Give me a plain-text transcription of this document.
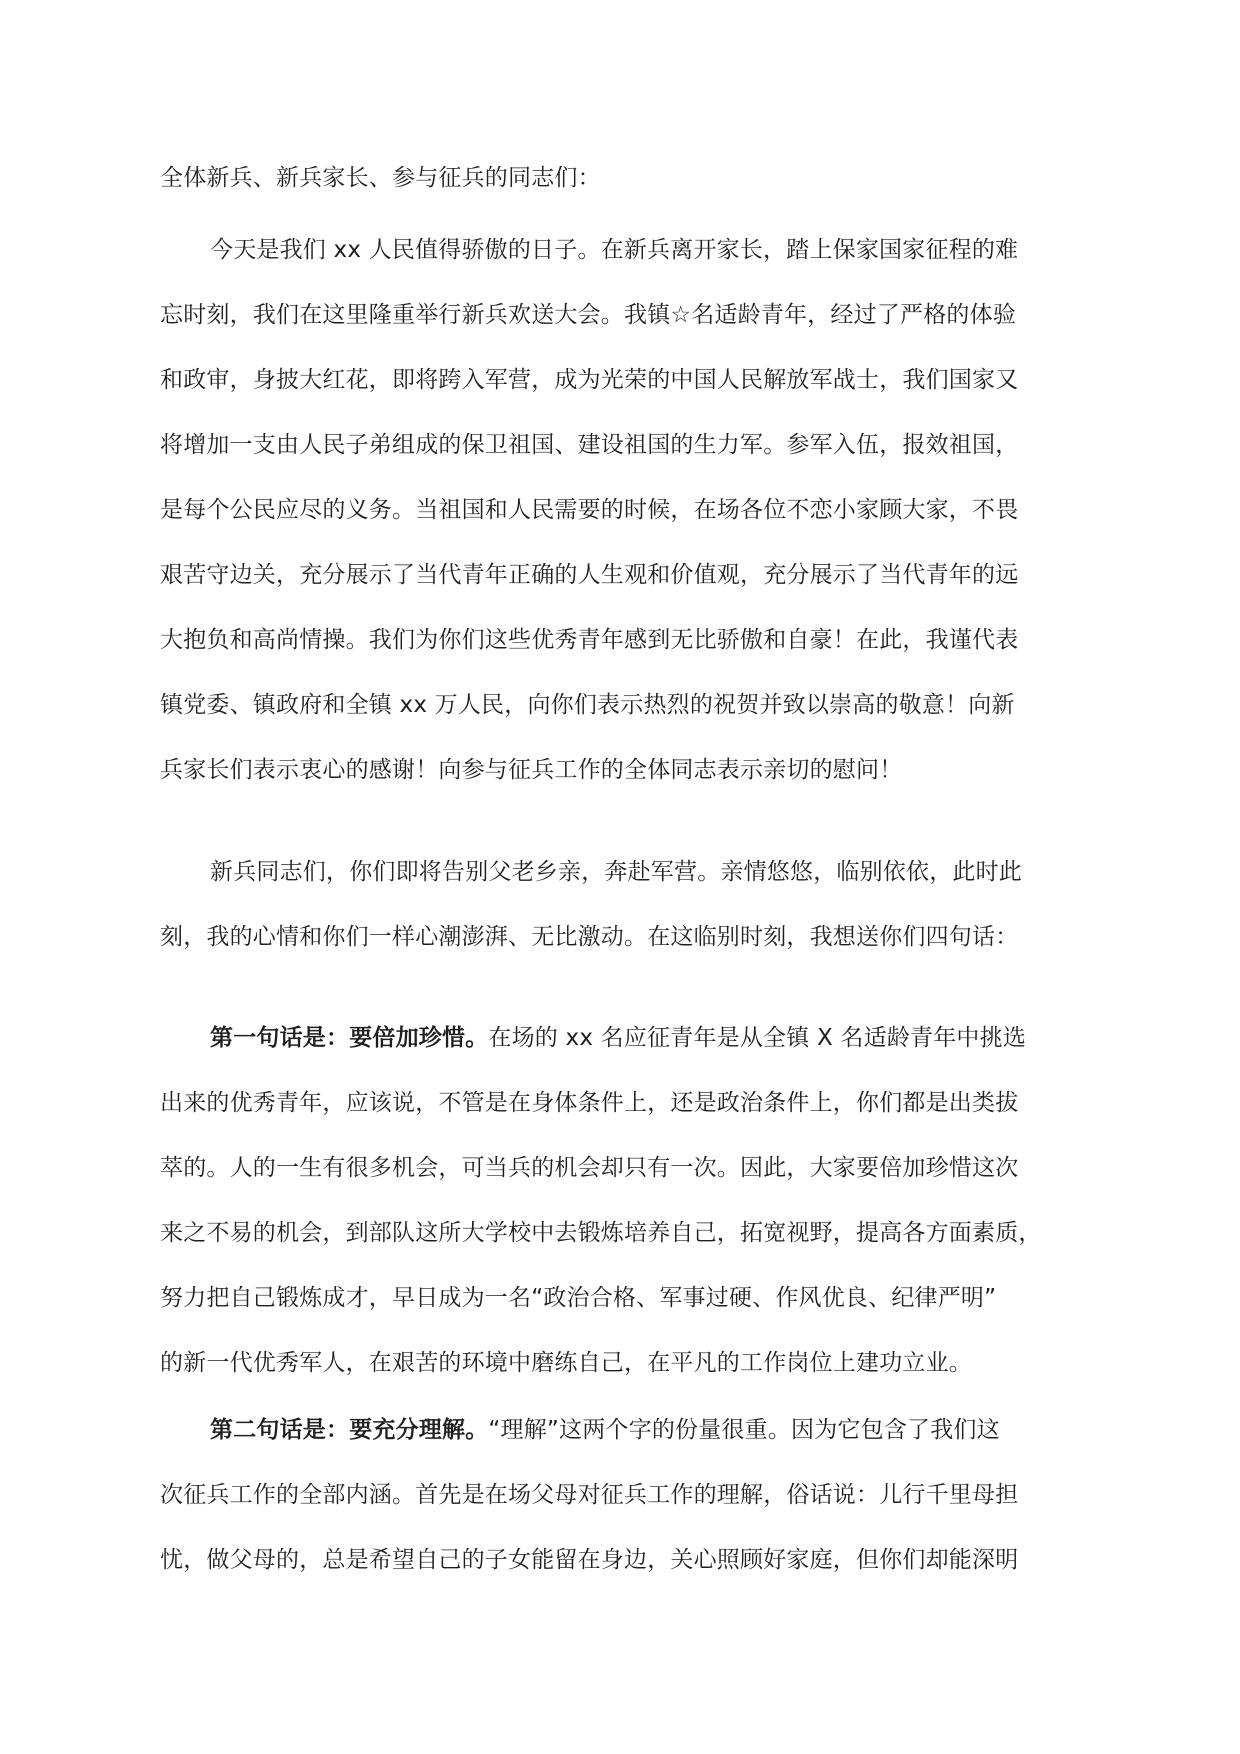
全体新兵、新兵家长、参与征兵的同志们：
今天是我们 xx 人民值得骄傲的日子。在新兵离开家长，踏上保家国家征程的难
忘时刻，我们在这里隆重举行新兵欢送大会。我镇☆名适龄青年，经过了严格的体验
和政审，身披大红花，即将跨入军营，成为光荣的中国人民解放军战士，我们国家又
将增加一支由人民子弟组成的保卫祖国、建设祖国的生力军。参军入伍，报效祖国，
是每个公民应尽的义务。当祖国和人民需要的时候，在场各位不恋小家顾大家，不畏
艰苦守边关，充分展示了当代青年正确的人生观和价值观，充分展示了当代青年的远
大抱负和高尚情操。我们为你们这些优秀青年感到无比骄傲和自豪！在此，我谨代表
镇党委、镇政府和全镇 xx 万人民，向你们表示热烈的祝贺并致以崇高的敬意！向新
兵家长们表示衷心的感谢！向参与征兵工作的全体同志表示亲切的慰问！
新兵同志们，你们即将告别父老乡亲，奔赴军营。亲情悠悠，临别依依，此时此
刻，我的心情和你们一样心潮澎湃、无比激动。在这临别时刻，我想送你们四句话：
第一句话是：要倍加珍惜。在场的 xx 名应征青年是从全镇 X 名适龄青年中挑选
出来的优秀青年，应该说，不管是在身体条件上，还是政治条件上，你们都是出类拔
萃的。人的一生有很多机会，可当兵的机会却只有一次。因此，大家要倍加珍惜这次
来之不易的机会，到部队这所大学校中去锻炼培养自己，拓宽视野，提高各方面素质，
努力把自己锻炼成才，早日成为一名“政治合格、军事过硬、作风优良、纪律严明”
的新一代优秀军人，在艰苦的环境中磨练自己，在平凡的工作岗位上建功立业。
第二句话是：要充分理解。“理解”这两个字的份量很重。因为它包含了我们这
次征兵工作的全部内涵。首先是在场父母对征兵工作的理解，俗话说：儿行千里母担
忧，做父母的，总是希望自己的子女能留在身边，关心照顾好家庭，但你们却能深明
